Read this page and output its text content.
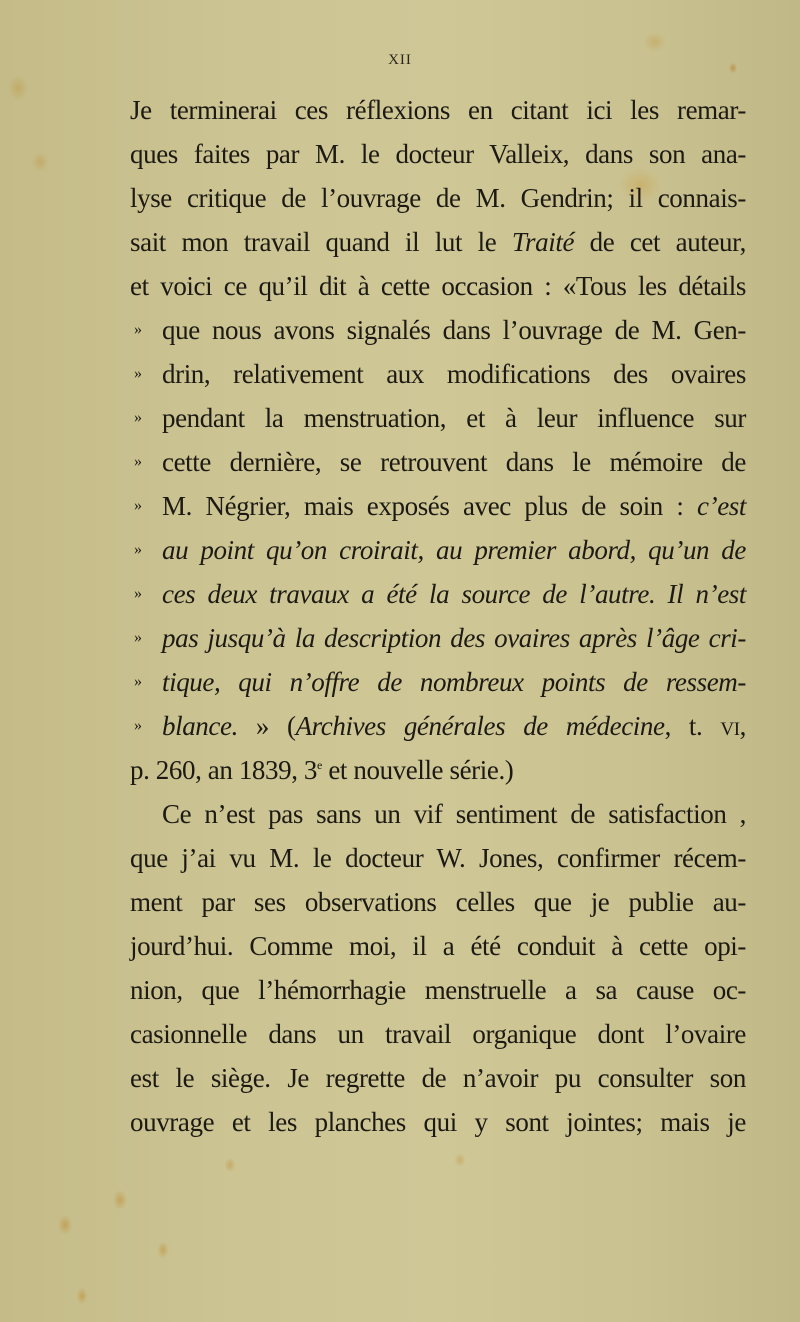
XII
Je terminerai ces réflexions en citant ici les remar-
ques faites par M. le docteur Valleix, dans son ana-
lyse critique de l’ouvrage de M. Gendrin; il connais-
sait mon travail quand il lut le Traité de cet auteur,
et voici ce qu’il dit à cette occasion : «Tous les détails
» que nous avons signalés dans l’ouvrage de M. Gen-
» drin, relativement aux modifications des ovaires
» pendant la menstruation, et à leur influence sur
» cette dernière, se retrouvent dans le mémoire de
» M. Négrier, mais exposés avec plus de soin : c’est
» au point qu’on croirait, au premier abord, qu’un de
» ces deux travaux a été la source de l’autre. Il n’est
» pas jusqu’à la description des ovaires après l’âge cri-
» tique, qui n’offre de nombreux points de ressem-
» blance. » (Archives générales de médecine, t. vi,
p. 260, an 1839, 3e et nouvelle série.)
Ce n’est pas sans un vif sentiment de satisfaction ,
que j’ai vu M. le docteur W. Jones, confirmer récem-
ment par ses observations celles que je publie au-
jourd’hui. Comme moi, il a été conduit à cette opi-
nion, que l’hémorrhagie menstruelle a sa cause oc-
casionnelle dans un travail organique dont l’ovaire
est le siège. Je regrette de n’avoir pu consulter son
ouvrage et les planches qui y sont jointes; mais je
